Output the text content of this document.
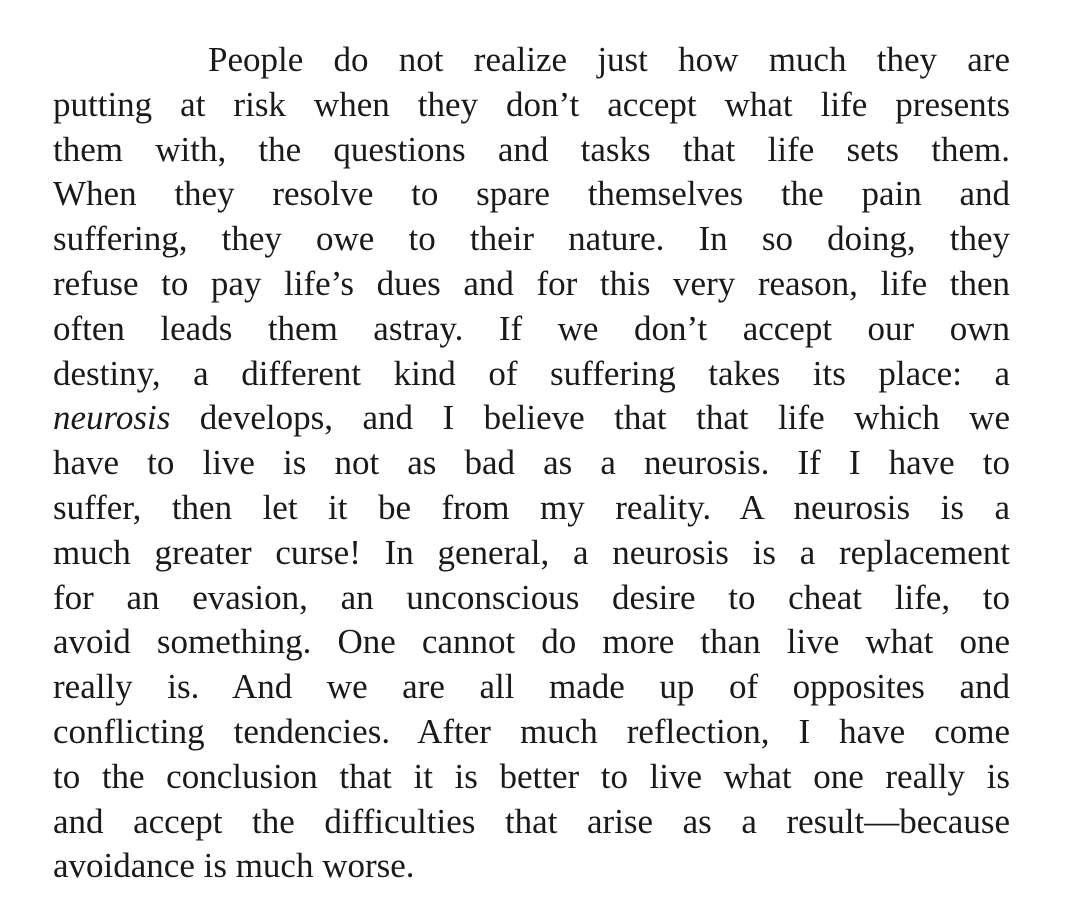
People do not realize just how much they are
putting at risk when they don’t accept what life presents
them with, the questions and tasks that life sets them.
When they resolve to spare themselves the pain and
suffering, they owe to their nature. In so doing, they
refuse to pay life’s dues and for this very reason, life then
often leads them astray. If we don’t accept our own
destiny, a different kind of suffering takes its place: a
neurosis develops, and I believe that that life which we
have to live is not as bad as a neurosis. If I have to
suffer, then let it be from my reality. A neurosis is a
much greater curse! In general, a neurosis is a replacement
for an evasion, an unconscious desire to cheat life, to
avoid something. One cannot do more than live what one
really is. And we are all made up of opposites and
conflicting tendencies. After much reflection, I have come
to the conclusion that it is better to live what one really is
and accept the difficulties that arise as a result—because
avoidance is much worse.
